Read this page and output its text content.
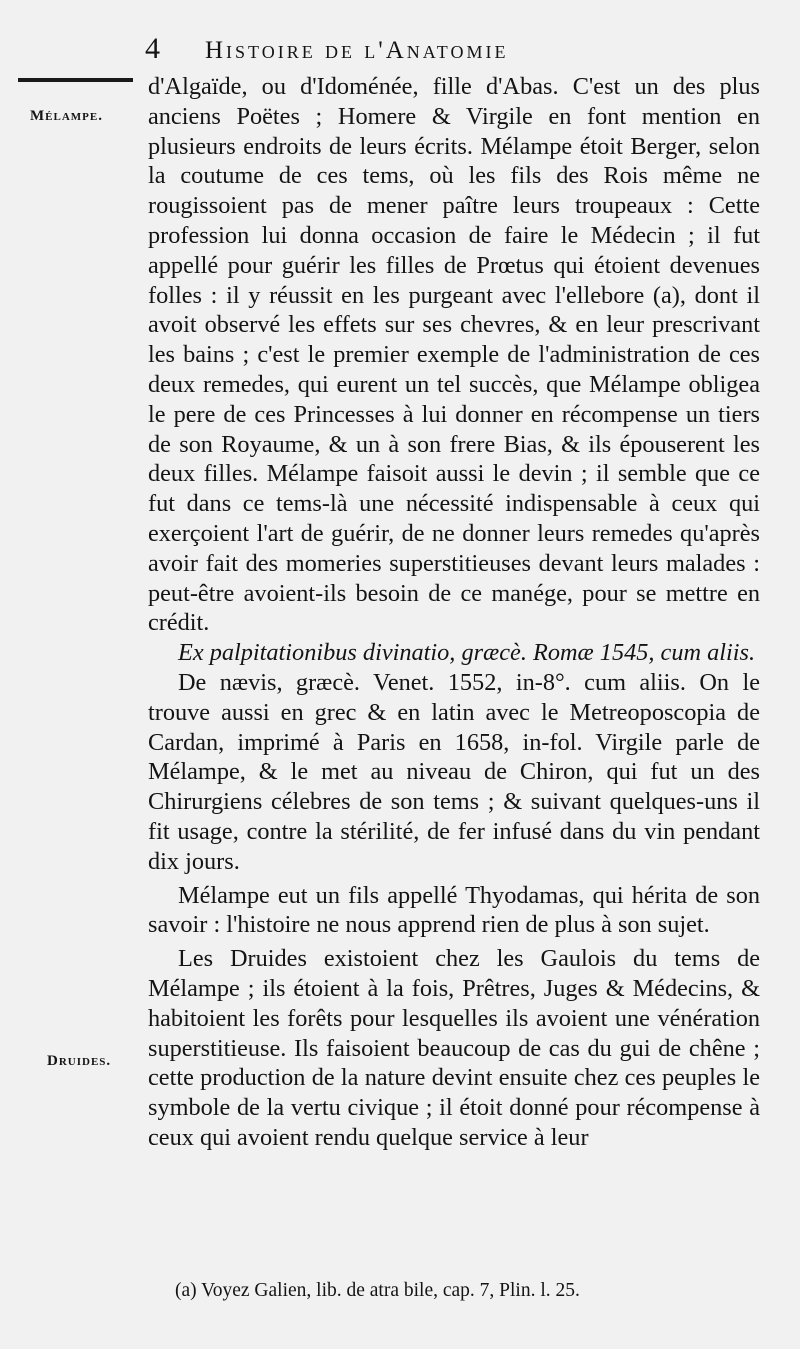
4	Histoire de l'Anatomie
Mélampe.
Druides.

d'Algaïde, ou d'Idoménée, fille d'Abas. C'est un des plus anciens Poëtes ; Homere & Virgile en font mention en plusieurs endroits de leurs écrits. Mélampe étoit Berger, selon la coutume de ces tems, où les fils des Rois même ne rougissoient pas de mener paître leurs troupeaux : Cette profession lui donna occasion de faire le Médecin ; il fut appellé pour guérir les filles de Prœtus qui étoient devenues folles : il y réussit en les purgeant avec l'ellebore (a), dont il avoit observé les effets sur ses chevres, & en leur prescrivant les bains ; c'est le premier exemple de l'administration de ces deux remedes, qui eurent un tel succès, que Mélampe obligea le pere de ces Princesses à lui donner en récompense un tiers de son Royaume, & un à son frere Bias, & ils épouserent les deux filles. Mélampe faisoit aussi le devin ; il semble que ce fut dans ce tems-là une nécessité indispensable à ceux qui exerçoient l'art de guérir, de ne donner leurs remedes qu'après avoir fait des momeries superstitieuses devant leurs malades : peut-être avoient-ils besoin de ce manége, pour se mettre en crédit.

Ex palpitationibus divinatio, græcè. Romæ 1545, cum aliis.

De nævis, græcè. Venet. 1552, in-8°. cum aliis. On le trouve aussi en grec & en latin avec le Metreoposcopia de Cardan, imprimé à Paris en 1658, in-fol. Virgile parle de Mélampe, & le met au niveau de Chiron, qui fut un des Chirurgiens célebres de son tems ; & suivant quelques-uns il fit usage, contre la stérilité, de fer infusé dans du vin pendant dix jours.

Mélampe eut un fils appellé Thyodamas, qui hérita de son savoir : l'histoire ne nous apprend rien de plus à son sujet.

Les Druides existoient chez les Gaulois du tems de Mélampe ; ils étoient à la fois, Prêtres, Juges & Médecins, & habitoient les forêts pour lesquelles ils avoient une vénération superstitieuse. Ils faisoient beaucoup de cas du gui de chêne ; cette production de la nature devint ensuite chez ces peuples le symbole de la vertu civique ; il étoit donné pour récompense à ceux qui avoient rendu quelque service à leur

(a) Voyez Galien, lib. de atra bile, cap. 7, Plin. l. 25.
